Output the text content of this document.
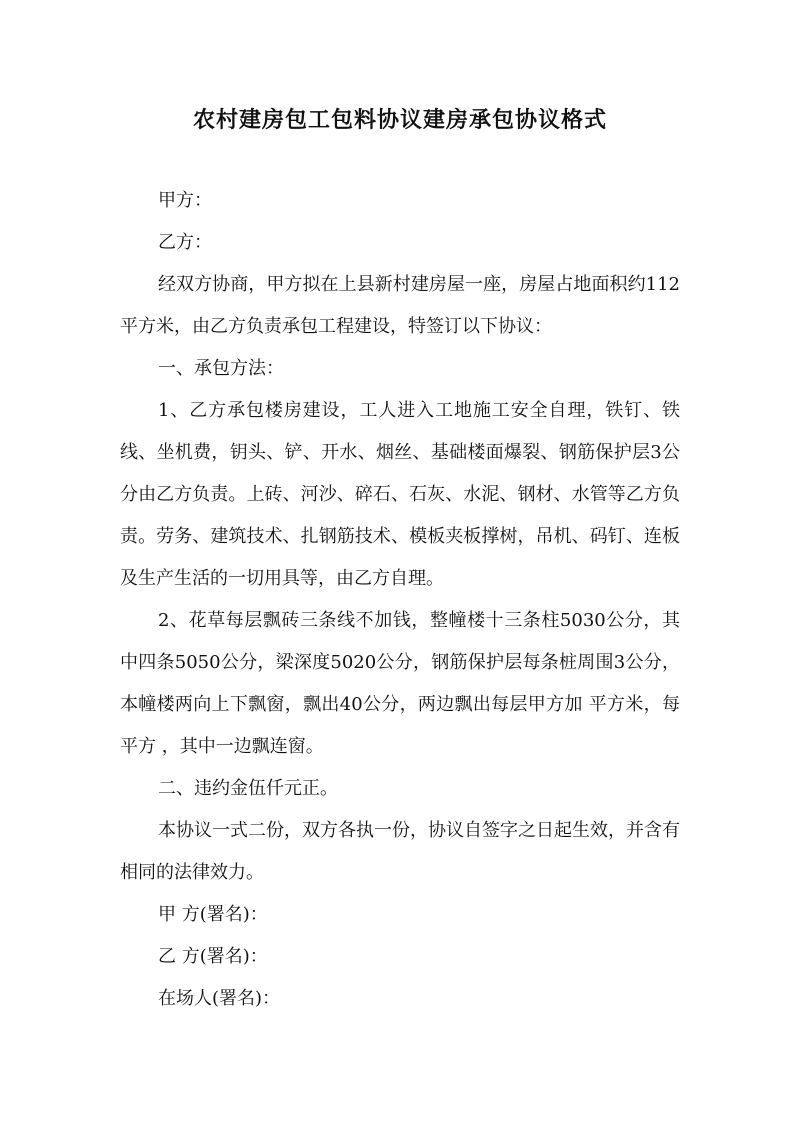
农村建房包工包料协议建房承包协议格式

甲方：

乙方：

经双方协商，甲方拟在上县新村建房屋一座，房屋占地面积约112平方米，由乙方负责承包工程建设，特签订以下协议：

一、承包方法：

1、乙方承包楼房建设，工人进入工地施工安全自理，铁钉、铁线、坐机费，钥头、铲、开水、烟丝、基础楼面爆裂、钢筋保护层3公分由乙方负责。上砖、河沙、碎石、石灰、水泥、钢材、水管等乙方负责。劳务、建筑技术、扎钢筋技术、模板夹板撑树，吊机、码钉、连板及生产生活的一切用具等，由乙方自理。

2、花草每层飘砖三条线不加钱，整幢楼十三条柱5030公分，其中四条5050公分，梁深度5020公分，钢筋保护层每条桩周围3公分，本幢楼两向上下飘窗，飘出40公分，两边飘出每层甲方加 平方米，每平方 ，其中一边飘连窗。

二、违约金伍仟元正。

本协议一式二份，双方各执一份，协议自签字之日起生效，并含有相同的法律效力。

甲 方(署名)：

乙 方(署名)：

在场人(署名)：
